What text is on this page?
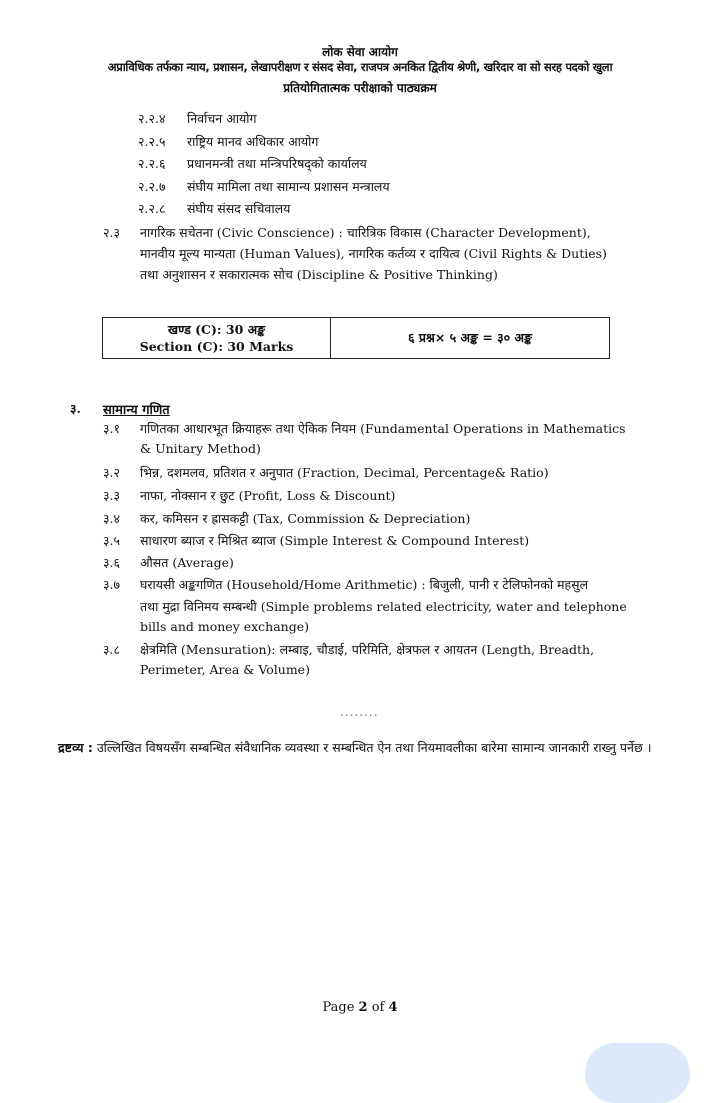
लोक सेवा आयोग
अप्राविधिक तर्फका न्याय, प्रशासन, लेखापरीक्षण र संसद सेवा, राजपत्र अनकित द्वितीय श्रेणी, खरिदार वा सो सरह पदको खुला
प्रतियोगितात्मक परीक्षाको पाठ्यक्रम
२.२.४ निर्वाचन आयोग
२.२.५ राष्ट्रिय मानव अधिकार आयोग
२.२.६ प्रधानमन्त्री तथा मन्त्रिपरिषद्को कार्यालय
२.२.७ संघीय मामिला तथा सामान्य प्रशासन मन्त्रालय
२.२.८ संघीय संसद सचिवालय
२.३ नागरिक सचेतना (Civic Conscience) : चारित्रिक विकास (Character Development),
मानवीय मूल्य मान्यता (Human Values), नागरिक कर्तव्य र दायित्व (Civil Rights & Duties)
तथा अनुशासन र सकारात्मक सोच (Discipline & Positive Thinking)
खण्ड (C): 30 अङ्क
Section (C): 30 Marks
६ प्रश्न× ५ अङ्क = ३० अङ्क
३. सामान्य गणित
३.१ गणितका आधारभूत क्रियाहरू तथा ऐकिक नियम (Fundamental Operations in Mathematics
& Unitary Method)
३.२ भिन्न, दशमलव, प्रतिशत र अनुपात (Fraction, Decimal, Percentage& Ratio)
३.३ नाफा, नोक्सान र छुट (Profit, Loss & Discount)
३.४ कर, कमिसन र ह्रासकट्टी (Tax, Commission & Depreciation)
३.५ साधारण ब्याज र मिश्रित ब्याज (Simple Interest & Compound Interest)
३.६ औसत (Average)
३.७ घरायसी अङ्कगणित (Household/Home Arithmetic) : बिजुली, पानी र टेलिफोनको महसुल
तथा मुद्रा विनिमय सम्बन्धी (Simple problems related electricity, water and telephone
bills and money exchange)
३.८ क्षेत्रमिति (Mensuration): लम्बाइ, चौडाई, परिमिति, क्षेत्रफल र आयतन (Length, Breadth,
Perimeter, Area & Volume)
........
द्रष्टव्य : उल्लिखित विषयसँग सम्बन्धित संवैधानिक व्यवस्था र सम्बन्धित ऐन तथा नियमावलीका बारेमा सामान्य जानकारी राख्नु पर्नेछ ।
Page 2 of 4
